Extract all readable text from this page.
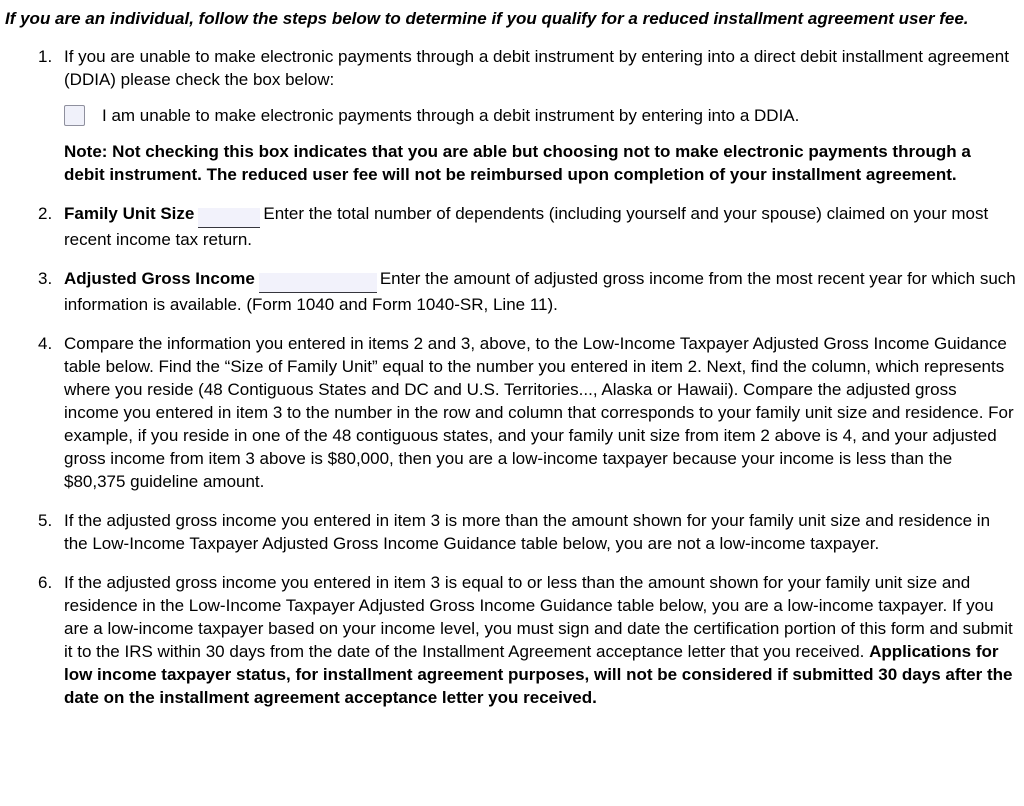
If you are an individual, follow the steps below to determine if you qualify for a reduced installment agreement user fee.

1. If you are unable to make electronic payments through a debit instrument by entering into a direct debit installment agreement (DDIA) please check the box below:

I am unable to make electronic payments through a debit instrument by entering into a DDIA.

Note: Not checking this box indicates that you are able but choosing not to make electronic payments through a debit instrument. The reduced user fee will not be reimbursed upon completion of your installment agreement.

2. Family Unit Size	Enter the total number of dependents (including yourself and your spouse) claimed on your most recent income tax return.

3. Adjusted Gross Income	Enter the amount of adjusted gross income from the most recent year for which such information is available. (Form 1040 and Form 1040-SR, Line 11).

4. Compare the information you entered in items 2 and 3, above, to the Low-Income Taxpayer Adjusted Gross Income Guidance table below. Find the “Size of Family Unit” equal to the number you entered in item 2. Next, find the column, which represents where you reside (48 Contiguous States and DC and U.S. Territories..., Alaska or Hawaii). Compare the adjusted gross income you entered in item 3 to the number in the row and column that corresponds to your family unit size and residence. For example, if you reside in one of the 48 contiguous states, and your family unit size from item 2 above is 4, and your adjusted gross income from item 3 above is $80,000, then you are a low-income taxpayer because your income is less than the $80,375 guideline amount.

5. If the adjusted gross income you entered in item 3 is more than the amount shown for your family unit size and residence in the Low-Income Taxpayer Adjusted Gross Income Guidance table below, you are not a low-income taxpayer.

6. If the adjusted gross income you entered in item 3 is equal to or less than the amount shown for your family unit size and residence in the Low-Income Taxpayer Adjusted Gross Income Guidance table below, you are a low-income taxpayer. If you are a low-income taxpayer based on your income level, you must sign and date the certification portion of this form and submit it to the IRS within 30 days from the date of the Installment Agreement acceptance letter that you received. Applications for low income taxpayer status, for installment agreement purposes, will not be considered if submitted 30 days after the date on the installment agreement acceptance letter you received.
